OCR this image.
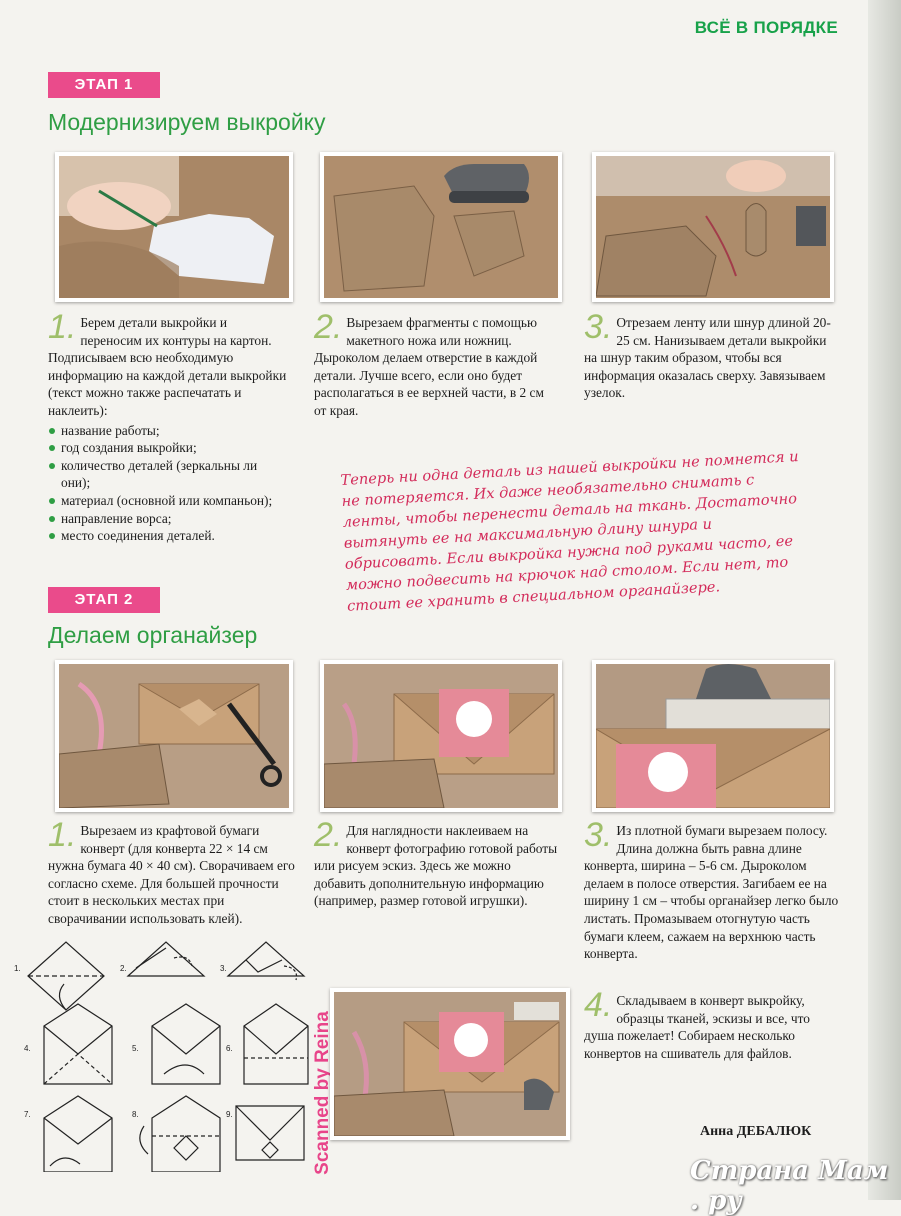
ВСЁ В ПОРЯДКЕ
ЭТАП 1
Модернизируем выкройку
1. Берем детали выкройки и переносим их контуры на картон. Подписываем всю необходимую информацию на каждой детали выкройки (текст можно также распечатать и наклеить):
название работы;
год создания выкройки;
количество деталей (зеркальны ли они);
материал (основной или компаньон);
направление ворса;
место соединения деталей.
2. Вырезаем фрагменты с помощью макетного ножа или ножниц. Дыроколом делаем отверстие в каждой детали. Лучше всего, если оно будет располагаться в ее верхней части, в 2 см от края.
3. Отрезаем ленту или шнур длиной 20-25 см. Нанизываем детали выкройки на шнур таким образом, чтобы вся информация оказалась сверху. Завязываем узелок.
Теперь ни одна деталь из нашей выкройки не помнется и не потеряется. Их даже необязательно снимать с ленты, чтобы перенести деталь на ткань. Достаточно вытянуть ее на максимальную длину шнура и обрисовать. Если выкройка нужна под руками часто, ее можно подвесить на крючок над столом. Если нет, то стоит ее хранить в специальном органайзере.
ЭТАП 2
Делаем органайзер
1. Вырезаем из крафтовой бумаги конверт (для конверта 22 × 14 см нужна бумага 40 × 40 см). Сворачиваем его согласно схеме. Для большей прочности стоит в нескольких местах при сворачивании использовать клей).
2. Для наглядности наклеиваем на конверт фотографию готовой работы или рисуем эскиз. Здесь же можно добавить дополнительную информацию (например, размер готовой игрушки).
3. Из плотной бумаги вырезаем полосу. Длина должна быть равна длине конверта, ширина – 5-6 см. Дыроколом делаем в полосе отверстия. Загибаем ее на ширину 1 см – чтобы органайзер легко было листать. Промазываем отогнутую часть бумаги клеем, сажаем на верхнюю часть конверта.
4. Складываем в конверт выкройку, образцы тканей, эскизы и все, что душа пожелает! Собираем несколько конвертов на сшиватель для файлов.
1.	2.	3.
4.	5.	6.
7.	8.	9.	Scanned by Reina	Анна ДЕБАЛЮК
Страна Мам . ру
